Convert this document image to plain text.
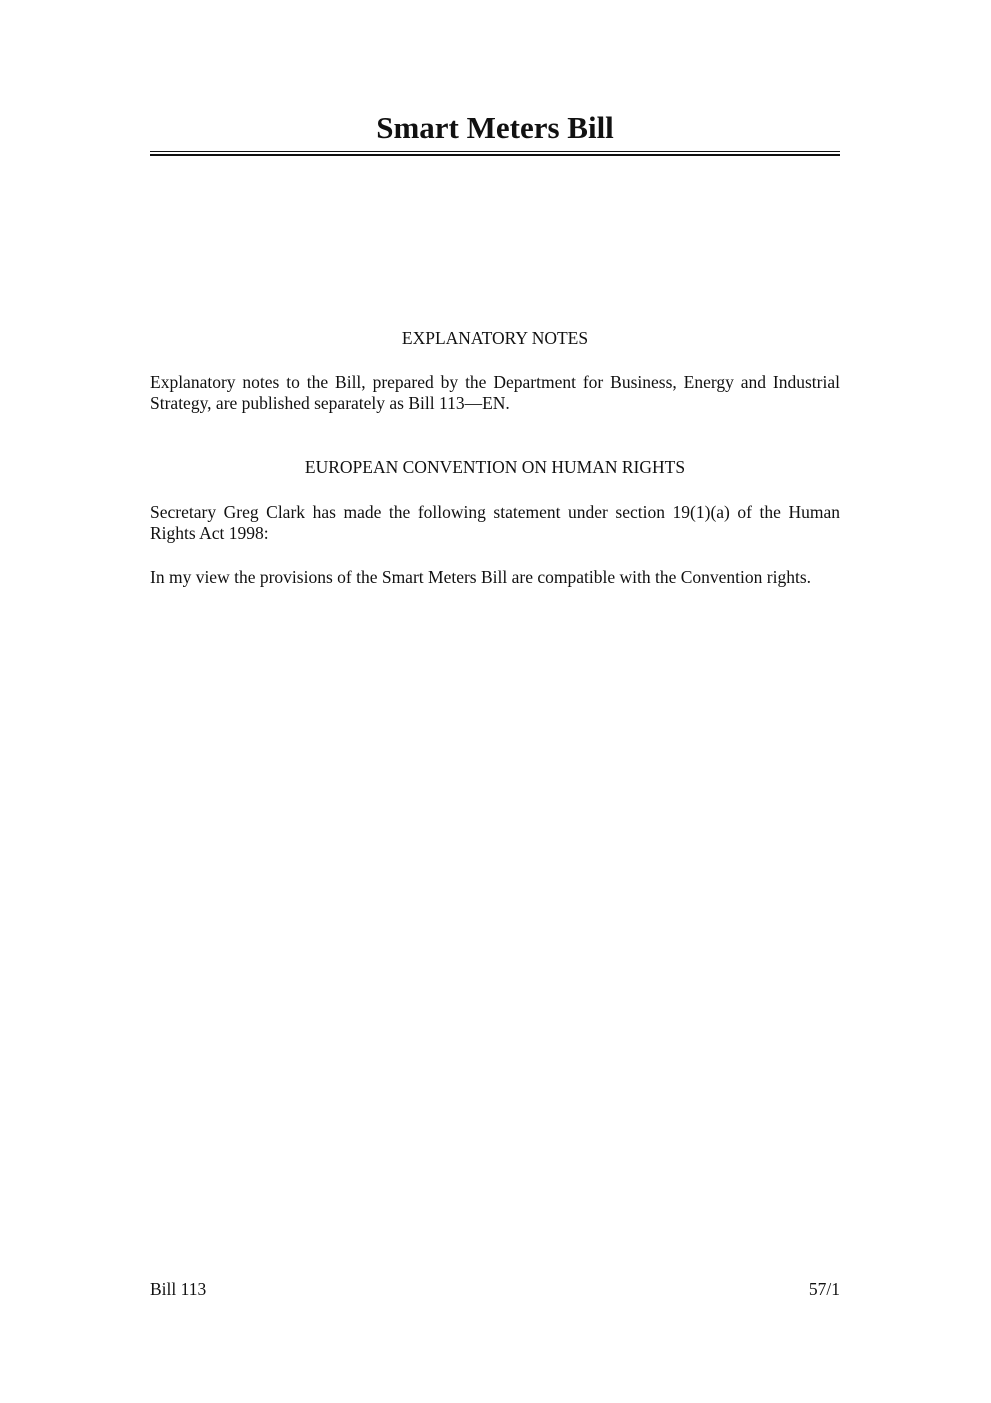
Smart Meters Bill
EXPLANATORY NOTES

Explanatory notes to the Bill, prepared by the Department for Business, Energy and Industrial Strategy, are published separately as Bill 113—EN.

EUROPEAN CONVENTION ON HUMAN RIGHTS

Secretary Greg Clark has made the following statement under section 19(1)(a) of the Human Rights Act 1998:

In my view the provisions of the Smart Meters Bill are compatible with the Convention rights.

Bill 113	57/1
